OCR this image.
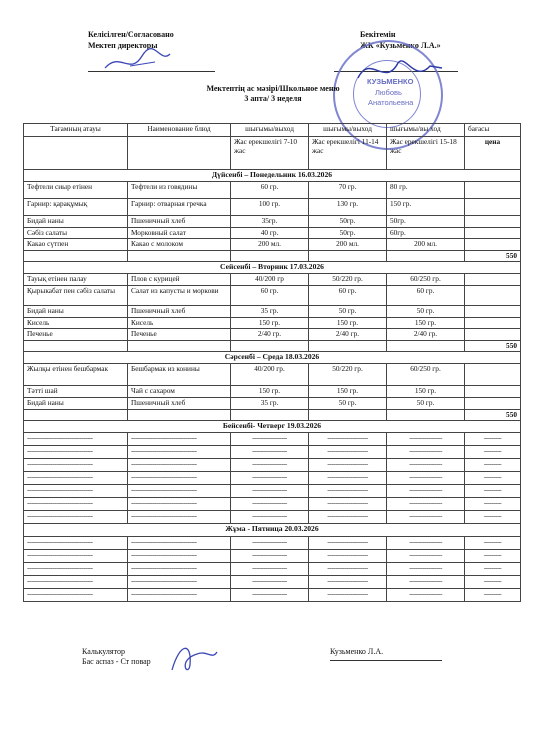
Келісілген/Согласовано
Мектеп директоры
Бекітемін
ЖК «Кузьменко Л.А.»
КУЗЬМЕНКО
Любовь
Анатольевна
Мектептің ас мәзірі/Школьное меню
3 апта/ 3 неделя
Тағамның атауы	Наименование блюд	шығымы/выход	шығымы/выход	шығымы/вы ход	бағасы
		Жас ерекшелігі 7-10 жас	Жас ерекшелігі 11-14 жас	Жас ерекшелігі 15-18 жас	цена
Дүйсенбі – Понедельник 16.03.2026					
Тефтели сиыр етінен	Тефтели из говядины	60 гр.	70 гр.	80 гр.	
Гарнир: қарақұмық	Гарнир: отварная гречка	100 гр.	130 гр.	150 гр.	
Бидай наны	Пшеничный хлеб	35гр.	50гр.	50гр.	
Сәбіз салаты	Морковный салат	40 гр.	50гр.	60гр.	
Какао сүтпен	Какао с молоком	200 мл.	200 мл.	200 мл.	
					550
Сейсенбі – Вторник 17.03.2026					
Тауық етінен палау	Плов с курицей	40/200 гр	50/220 гр.	60/250 гр.	
Қырыкабат пен сәбіз салаты	Салат из капусты и моркови	60 гр.	60 гр.	60 гр.	
Бидай наны	Пшеничный хлеб	35 гр.	50 гр.	50 гр.	
Кисель	Кисель	150 гр.	150 гр.	150 гр.	
Печенье	Печенье	2/40 гр.	2/40 гр.	2/40 гр.	
					550
Сәрсенбі – Среда 18.03.2026					
Жылқы етінен бешбармак	Бешбармак из конины	40/200 гр.	50/220 гр.	60/250 гр.	
Тәтті шай	Чай с сахаром	150 гр.	150 гр.	150 гр.	
Бидай наны	Пшеничный хлеб	35 гр.	50 гр.	50 гр.	
					550
Бейсенбі- Четверг 19.03.2026					
----------------------------------	----------------------------------	------------------	---------------------	-----------------	---------
----------------------------------	----------------------------------	------------------	---------------------	-----------------	---------
----------------------------------	----------------------------------	------------------	---------------------	-----------------	---------
----------------------------------	----------------------------------	------------------	---------------------	-----------------	---------
----------------------------------	----------------------------------	------------------	---------------------	-----------------	---------
----------------------------------	----------------------------------	------------------	---------------------	-----------------	---------
----------------------------------	----------------------------------	------------------	---------------------	-----------------	---------
Жұма - Пятница 20.03.2026					
----------------------------------	----------------------------------	------------------	---------------------	-----------------	---------
----------------------------------	----------------------------------	------------------	---------------------	-----------------	---------
----------------------------------	----------------------------------	------------------	---------------------	-----------------	---------
----------------------------------	----------------------------------	------------------	---------------------	-----------------	---------
----------------------------------	----------------------------------	------------------	---------------------	-----------------	---------
Калькулятор
Бас аспаз - Ст повар
Кузьменко Л.А.
